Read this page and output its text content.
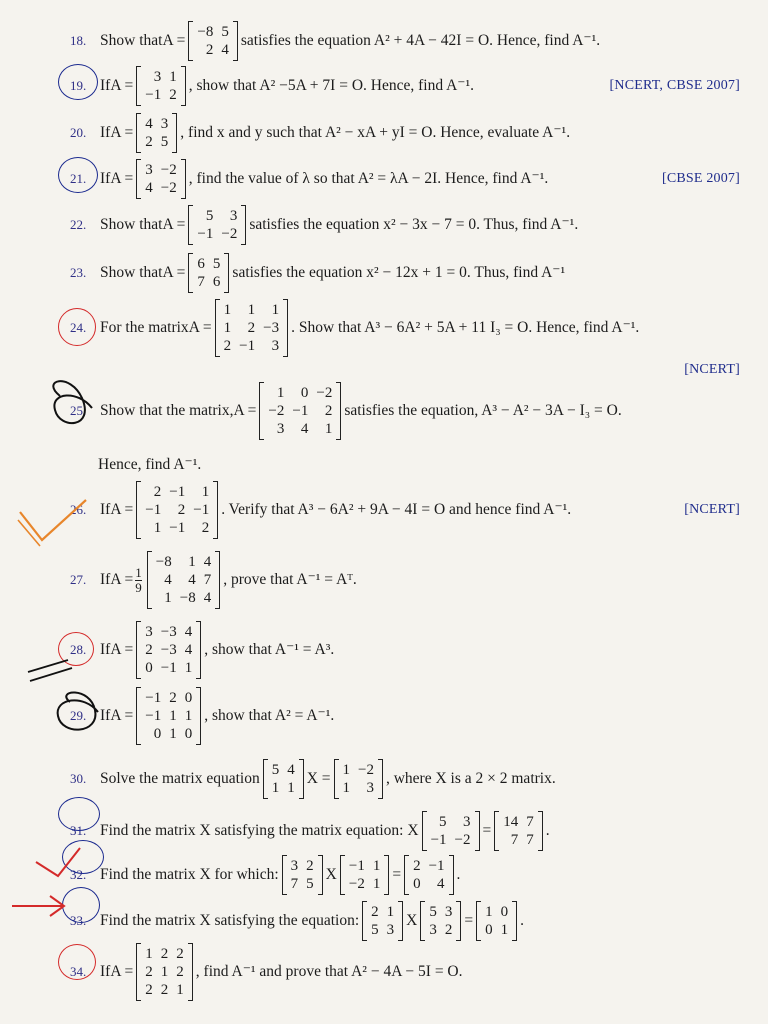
18. Show that A = −8 5
2 4
satisfies the equation A² + 4A − 42I = O. Hence, find A⁻¹.
19. If A =	3 1
−1 2
, show that A² −5A + 7I = O. Hence, find A⁻¹.	[NCERT, CBSE 2007]
20. If A = 4 3
2 5
, find x and y such that A² − xA + yI = O. Hence, evaluate A⁻¹.
21. If A = 3 −2
4 −2
, find the value of λ so that A² = λA − 2I. Hence, find A⁻¹.	[CBSE 2007]
22. Show that A =	5	3
−1 −2
satisfies the equation x² − 3x − 7 = 0. Thus, find A⁻¹.
23. Show that A = 6 5
7 6
satisfies the equation x² − 12x + 1 = 0. Thus, find A⁻¹
24. For the matrix A =
1	1	1
1	2 −3
2 −1	3
. Show that A³ − 6A² + 5A + 11 I₃ = O. Hence, find A⁻¹.
[NCERT]
25. Show that the matrix, A =
1	0 −2
−2 −1	2
3	4	1
satisfies the equation, A³ − A² − 3A − I₃ = O.
Hence, find A⁻¹.
26. If A =
2 −1	1
−1	2 −1
1 −1	2
. Verify that A³ − 6A² + 9A − 4I = O and hence find A⁻¹.	[NCERT]
27. If $A = \frac{1}{9}$
−8	1 4
4	4 7
1 −8 4
, prove that A⁻¹ = Aᵀ.
28. If A =
3 −3 4
2 −3 4
0 −1 1
, show that A⁻¹ = A³.
29. If A =
−1 2 0
−1 1 1
0 1 0
, show that A² = A⁻¹.
30. Solve the matrix equation 5 4
1 1
X = 1 −2
1	3
, where X is a 2 × 2 matrix.
31. Find the matrix X satisfying the matrix equation: X	5	3
−1 −2
= 14 7
7 7
.
32. Find the matrix X for which: 3 2
7 5
X −1 1
−2 1
= 2 −1
0	4
.
33. Find the matrix X satisfying the equation: 2 1
5 3
X 5 3
3 2
= 1 0
0 1
.
34. If A =
1 2 2
2 1 2
2 2 1
, find A⁻¹ and prove that A² − 4A − 5I = O.
